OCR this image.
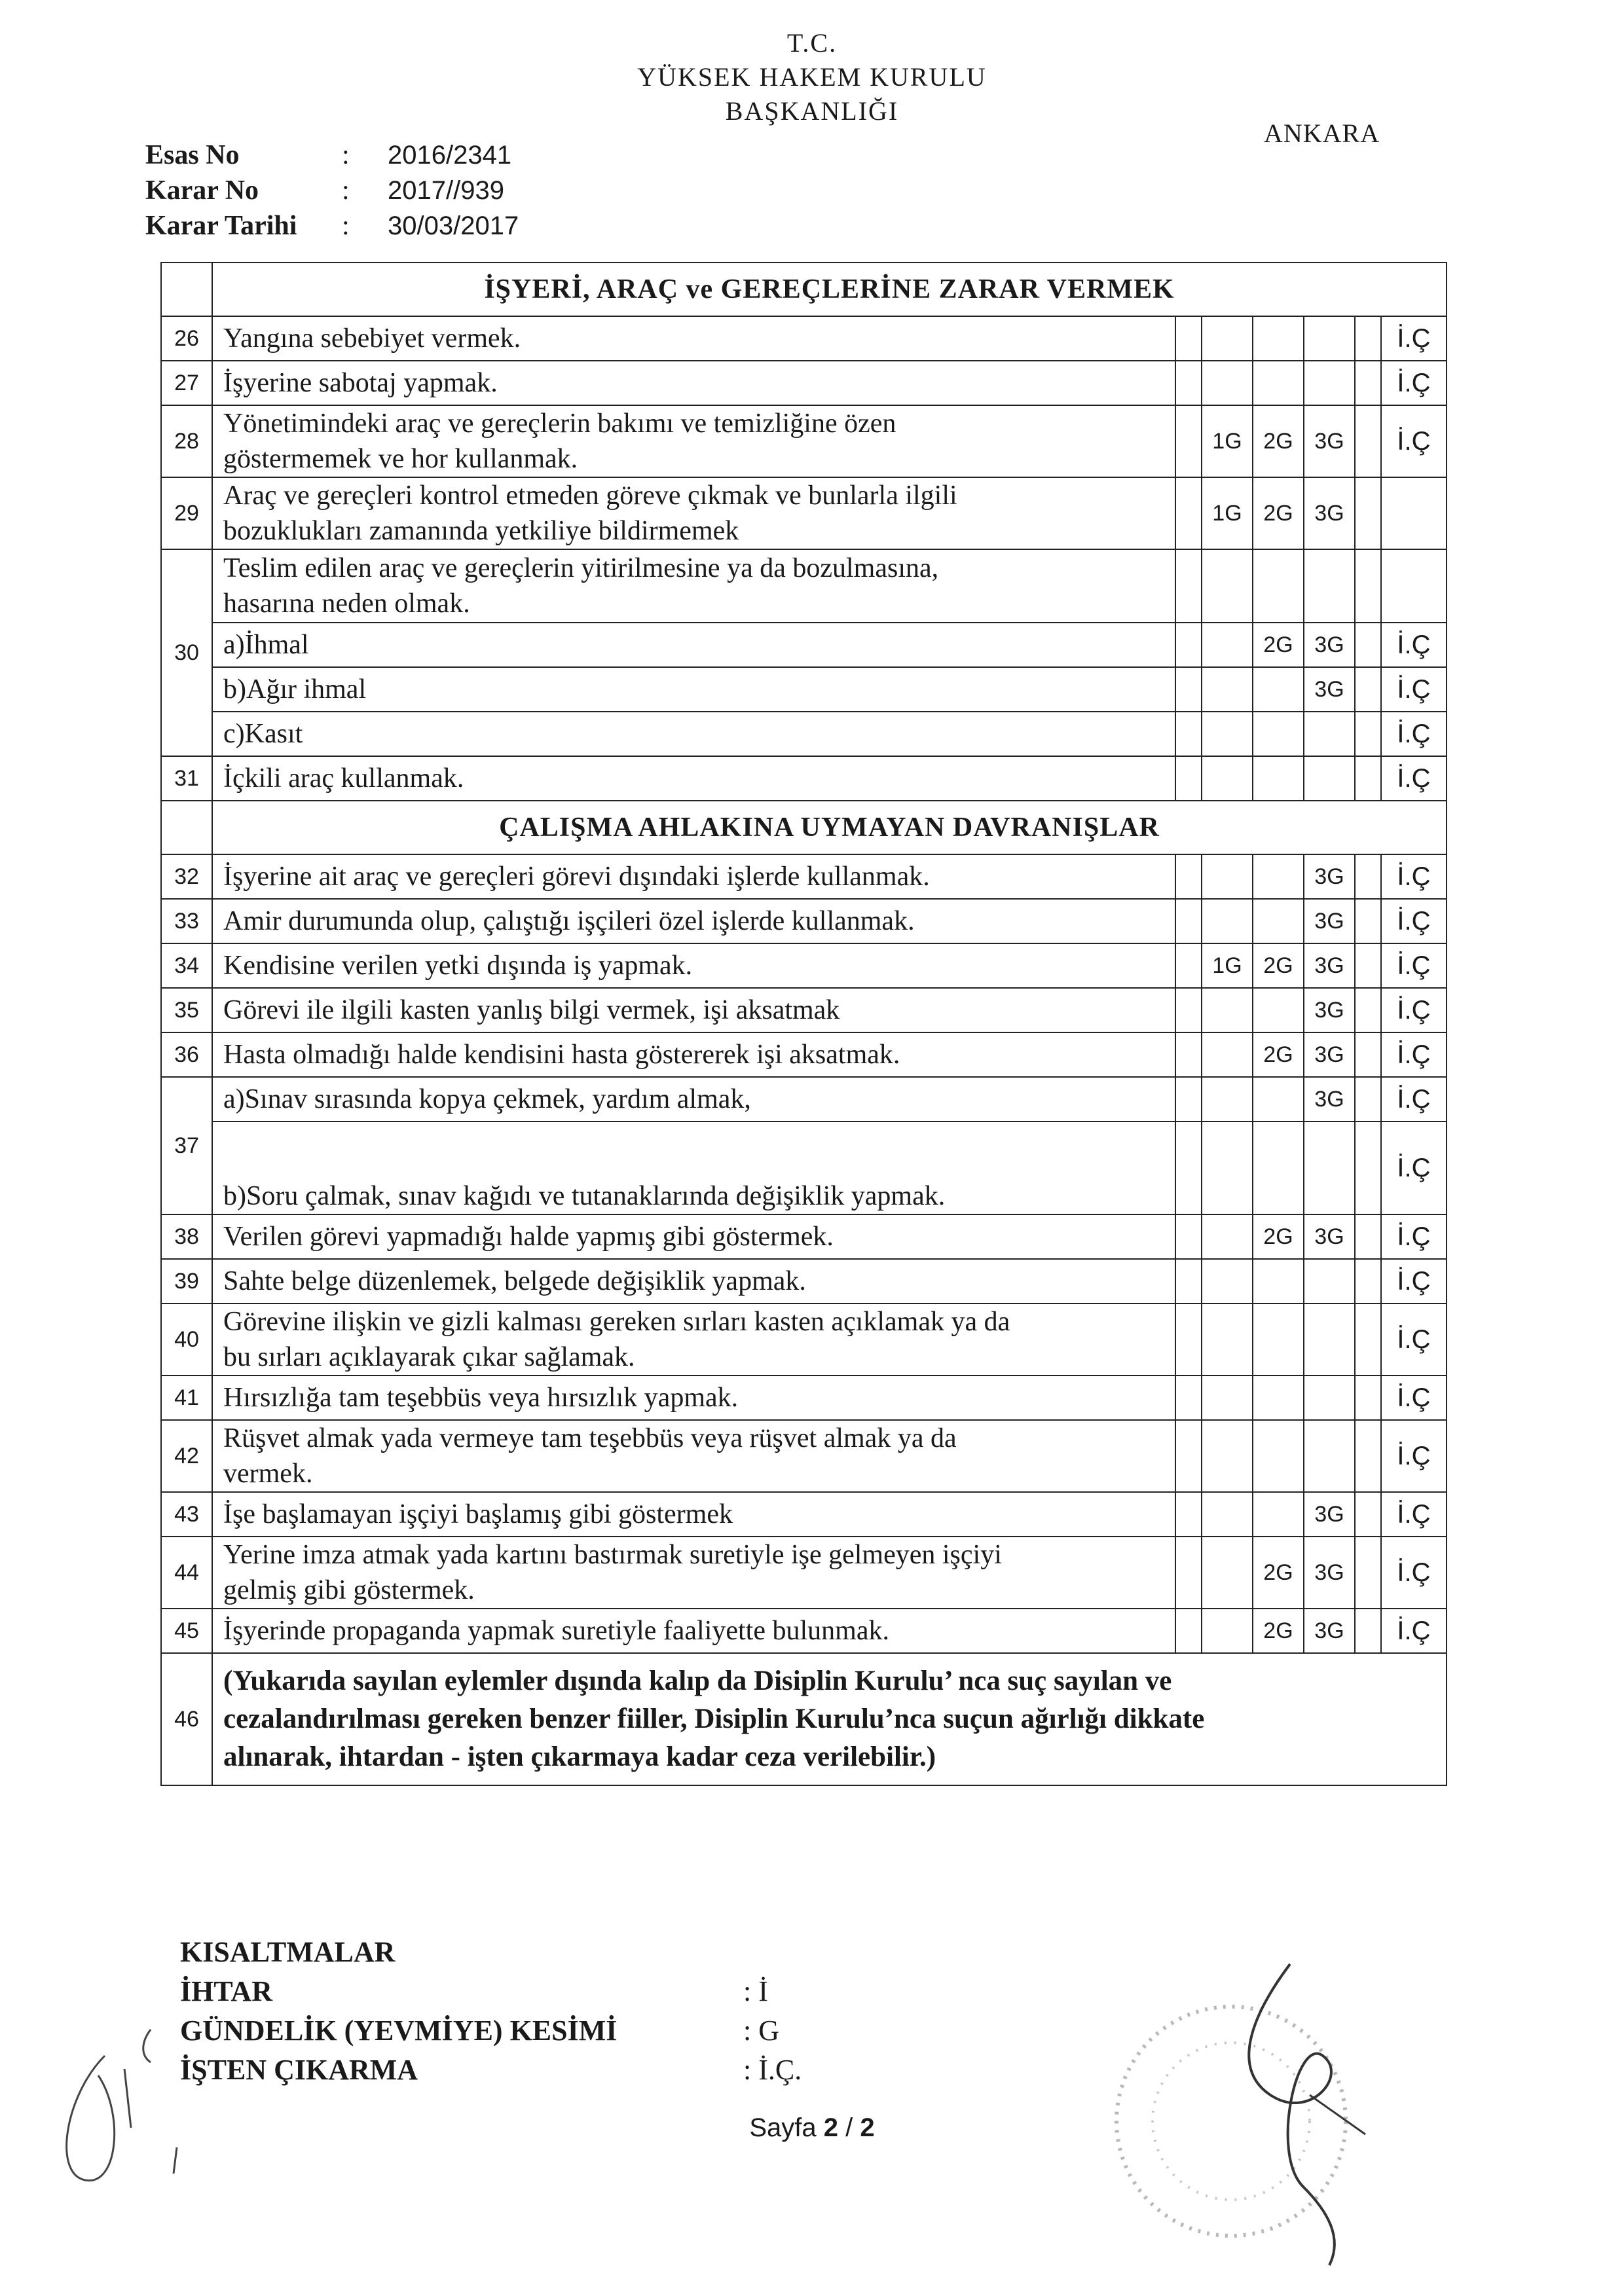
T.C.
YÜKSEK HAKEM KURULU
BAŞKANLIĞI
ANKARA
Esas No	:	2016/2341
Karar No	:	2017//939
Karar Tarihi	:	30/03/2017
	İŞYERİ, ARAÇ ve GEREÇLERİNE ZARAR VERMEK						
26	Yangına sebebiyet vermek.						İ.Ç
27	İşyerine sabotaj yapmak.						İ.Ç
28	Yönetimindeki araç ve gereçlerin bakımı ve temizliğine özen
göstermemek ve hor kullanmak.		1G	2G	3G		İ.Ç
29	Araç ve gereçleri kontrol etmeden göreve çıkmak ve bunlarla ilgili
bozuklukları zamanında yetkiliye bildirmemek		1G	2G	3G		
30	Teslim edilen araç ve gereçlerin yitirilmesine ya da bozulmasına,
hasarına neden olmak.						

	a)İhmal			2G	3G		İ.Ç
	b)Ağır ihmal				3G		İ.Ç
	c)Kasıt						İ.Ç
31	İçkili araç kullanmak.						İ.Ç
	ÇALIŞMA AHLAKINA UYMAYAN DAVRANIŞLAR						
32	İşyerine ait araç ve gereçleri görevi dışındaki işlerde kullanmak.				3G		İ.Ç
33	Amir durumunda olup, çalıştığı işçileri özel işlerde kullanmak.				3G		İ.Ç
34	Kendisine verilen yetki dışında iş yapmak.		1G	2G	3G		İ.Ç
35	Görevi ile ilgili kasten yanlış bilgi vermek, işi aksatmak				3G		İ.Ç
36	Hasta olmadığı halde kendisini hasta göstererek işi aksatmak.			2G	3G		İ.Ç
37	a)Sınav sırasında kopya çekmek, yardım almak,				3G		İ.Ç
	b)Soru çalmak, sınav kağıdı ve tutanaklarında değişiklik yapmak.						İ.Ç
38	Verilen görevi yapmadığı halde yapmış gibi göstermek.			2G	3G		İ.Ç
39	Sahte belge düzenlemek, belgede değişiklik yapmak.						İ.Ç
40	Görevine ilişkin ve gizli kalması gereken sırları kasten açıklamak ya da
bu sırları açıklayarak çıkar sağlamak.						İ.Ç
41	Hırsızlığa tam teşebbüs veya hırsızlık yapmak.						İ.Ç
42	Rüşvet almak yada vermeye tam teşebbüs veya rüşvet almak ya da
vermek.						İ.Ç
43	İşe başlamayan işçiyi başlamış gibi göstermek				3G		İ.Ç
44	Yerine imza atmak yada kartını bastırmak suretiyle işe gelmeyen işçiyi
gelmiş gibi göstermek.			2G	3G		İ.Ç
45	İşyerinde propaganda yapmak suretiyle faaliyette bulunmak.			2G	3G		İ.Ç
46	(Yukarıda sayılan eylemler dışında kalıp da Disiplin Kurulu’ nca suç sayılan ve
cezalandırılması gereken benzer fiiller, Disiplin Kurulu’nca suçun ağırlığı dikkate
alınarak, ihtardan - işten çıkarmaya kadar ceza verilebilir.)						
KISALTMALAR
İHTAR	: İ
GÜNDELİK (YEVMİYE) KESİMİ	: G
İŞTEN ÇIKARMA	: İ.Ç.
Sayfa 2 / 2
